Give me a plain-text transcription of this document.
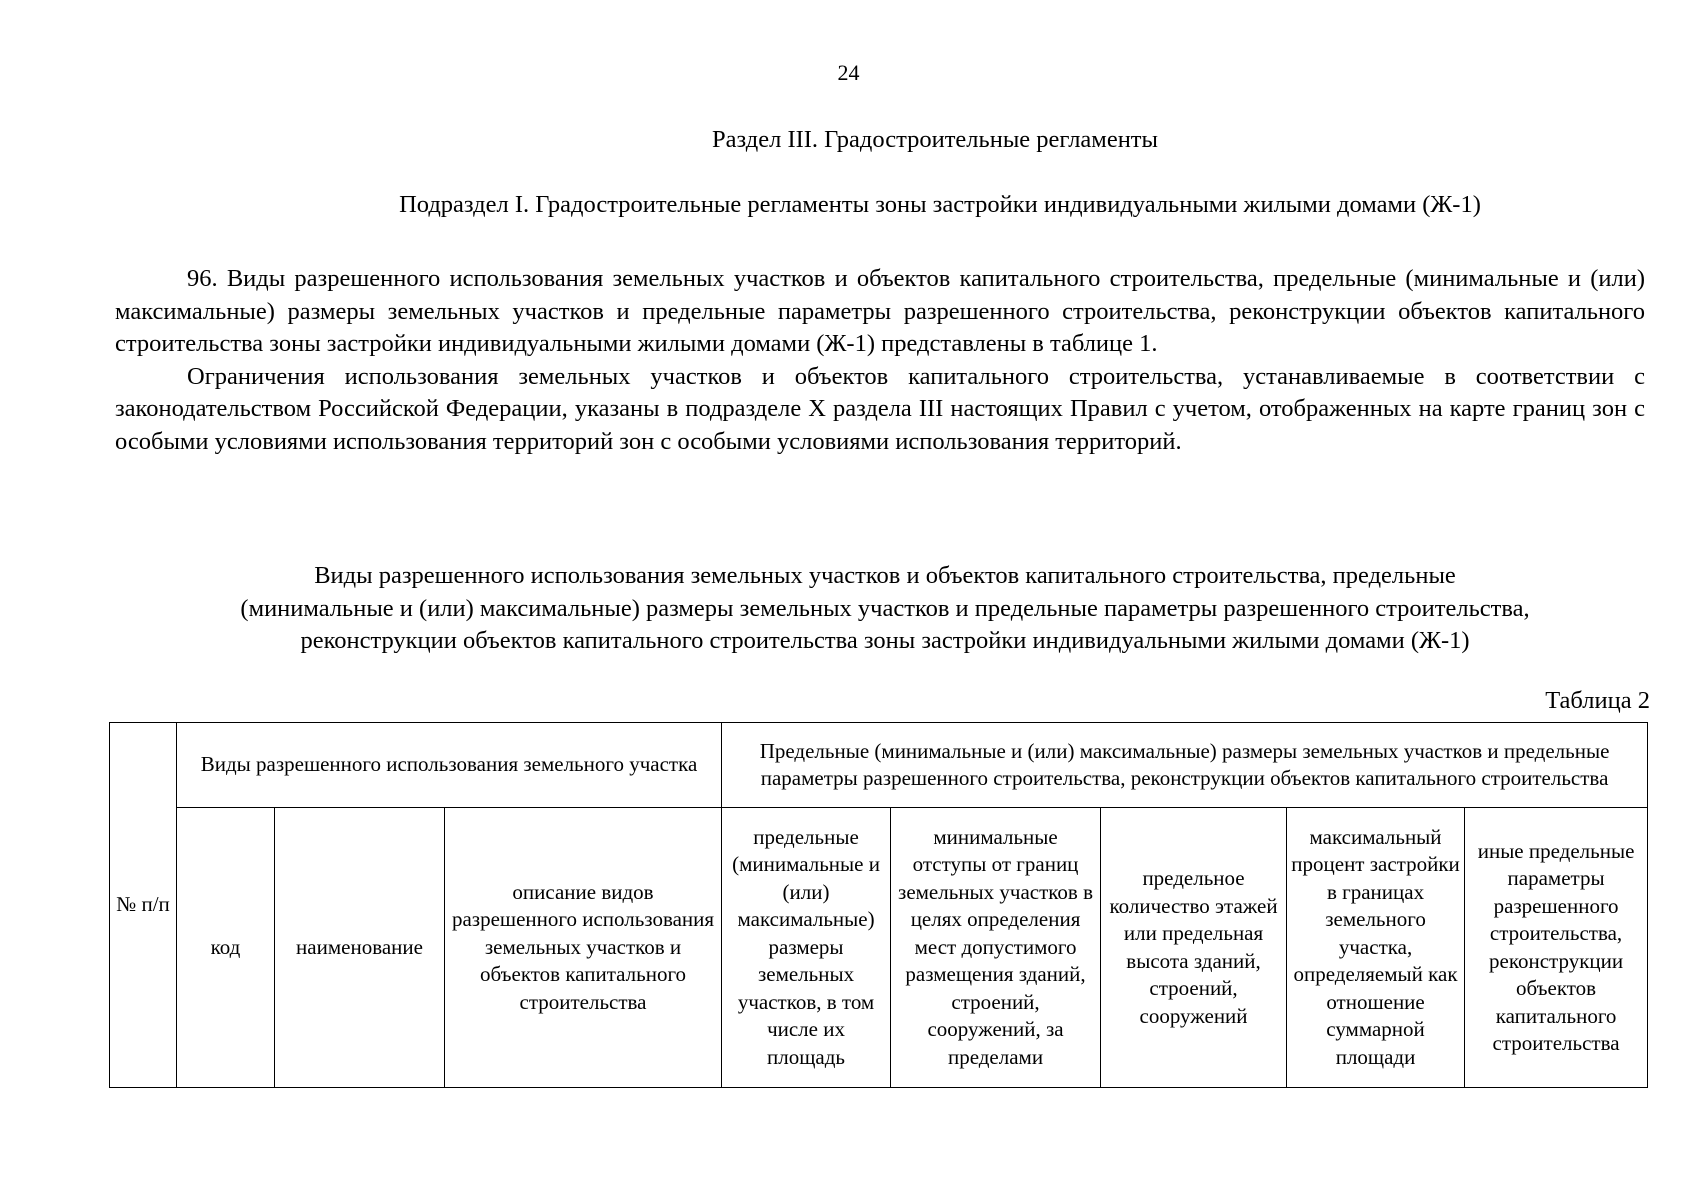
24
Раздел III. Градостроительные регламенты
Подраздел I. Градостроительные регламенты зоны застройки индивидуальными жилыми домами (Ж-1)

96. Виды разрешенного использования земельных участков и объектов капитального строительства, предельные (минимальные и (или) максимальные) размеры земельных участков и предельные параметры разрешенного строительства, реконструкции объектов капитального строительства зоны застройки индивидуальными жилыми домами (Ж-1) представлены в таблице 1.

Ограничения использования земельных участков и объектов капитального строительства, устанавливаемые в соответствии с законодательством Российской Федерации, указаны в подразделе X раздела III настоящих Правил с учетом, отображенных на карте границ зон с особыми условиями использования территорий зон с особыми условиями использования территорий.

Виды разрешенного использования земельных участков и объектов капитального строительства, предельные
(минимальные и (или) максимальные) размеры земельных участков и предельные параметры разрешенного строительства,
реконструкции объектов капитального строительства зоны застройки индивидуальными жилыми домами (Ж-1)
Таблица 2
№ п/п	Виды разрешенного использования земельного участка			Предельные (минимальные и (или) максимальные) размеры земельных участков и предельные параметры разрешенного строительства, реконструкции объектов капитального строительства				
	код	наименование	описание видов разрешенного использования земельных участков и объектов капитального строительства	предельные (минимальные и (или) максимальные) размеры земельных участков, в том числе их площадь	минимальные отступы от границ земельных участков в целях определения мест допустимого размещения зданий, строений, сооружений, за пределами	предельное количество этажей или предельная высота зданий, строений, сооружений	максимальный процент застройки в границах земельного участка, определяемый как отношение суммарной площади	иные предельные параметры разрешенного строительства, реконструкции объектов капитального строительства
